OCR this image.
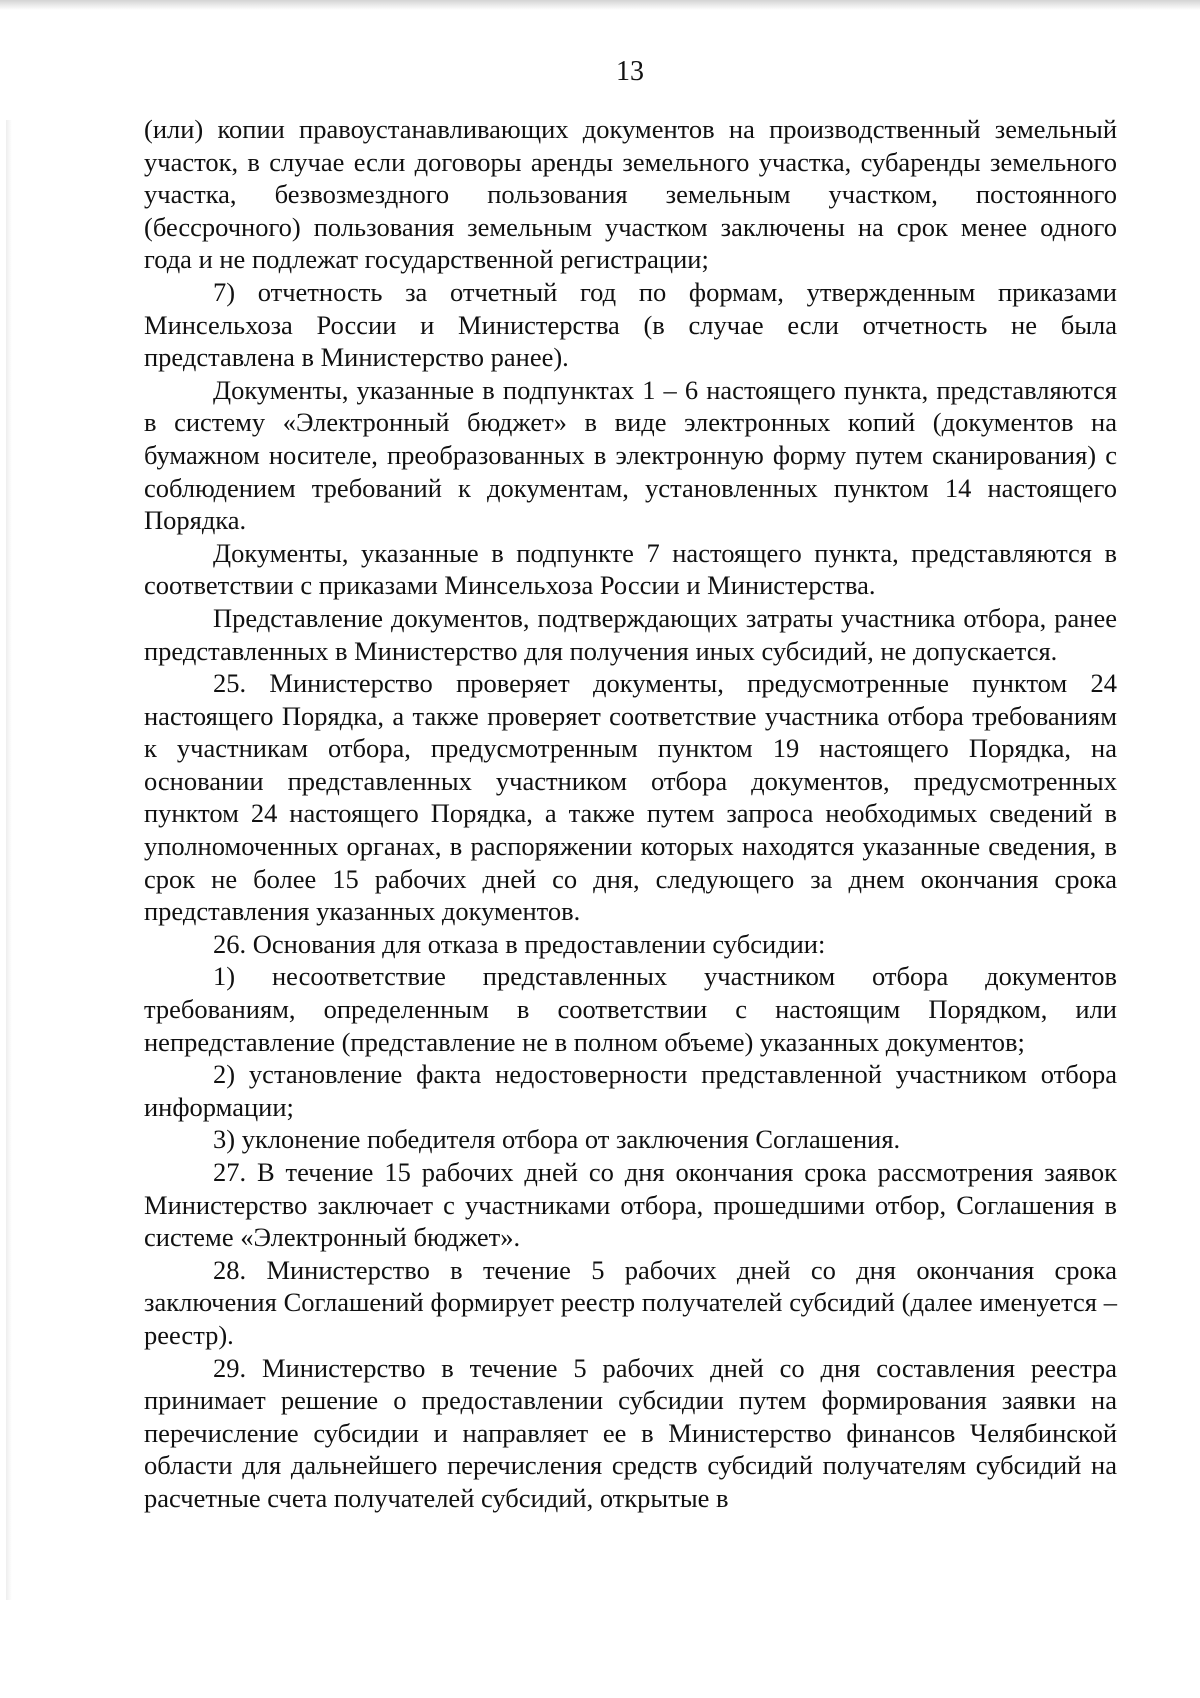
13

(или) копии правоустанавливающих документов на производственный земельный участок, в случае если договоры аренды земельного участка, субаренды земельного участка, безвозмездного пользования земельным участком, постоянного (бессрочного) пользования земельным участком заключены на срок менее одного года и не подлежат государственной регистрации;

7) отчетность за отчетный год по формам, утвержденным приказами Минсельхоза России и Министерства (в случае если отчетность не была представлена в Министерство ранее).

Документы, указанные в подпунктах 1 – 6 настоящего пункта, представляются в систему «Электронный бюджет» в виде электронных копий (документов на бумажном носителе, преобразованных в электронную форму путем сканирования) с соблюдением требований к документам, установленных пунктом 14 настоящего Порядка.

Документы, указанные в подпункте 7 настоящего пункта, представляются в соответствии с приказами Минсельхоза России и Министерства.

Представление документов, подтверждающих затраты участника отбора, ранее представленных в Министерство для получения иных субсидий, не допускается.

25. Министерство проверяет документы, предусмотренные пунктом 24 настоящего Порядка, а также проверяет соответствие участника отбора требованиям к участникам отбора, предусмотренным пунктом 19 настоящего Порядка, на основании представленных участником отбора документов, предусмотренных пунктом 24 настоящего Порядка, а также путем запроса необходимых сведений в уполномоченных органах, в распоряжении которых находятся указанные сведения, в срок не более 15 рабочих дней со дня, следующего за днем окончания срока представления указанных документов.

26. Основания для отказа в предоставлении субсидии:

1) несоответствие представленных участником отбора документов требованиям, определенным в соответствии с настоящим Порядком, или непредставление (представление не в полном объеме) указанных документов;

2) установление факта недостоверности представленной участником отбора информации;

3) уклонение победителя отбора от заключения Соглашения.

27. В течение 15 рабочих дней со дня окончания срока рассмотрения заявок Министерство заключает с участниками отбора, прошедшими отбор, Соглашения в системе «Электронный бюджет».

28. Министерство в течение 5 рабочих дней со дня окончания срока заключения Соглашений формирует реестр получателей субсидий (далее именуется – реестр).

29. Министерство в течение 5 рабочих дней со дня составления реестра принимает решение о предоставлении субсидии путем формирования заявки на перечисление субсидии и направляет ее в Министерство финансов Челябинской области для дальнейшего перечисления средств субсидий получателям субсидий на расчетные счета получателей субсидий, открытые в
